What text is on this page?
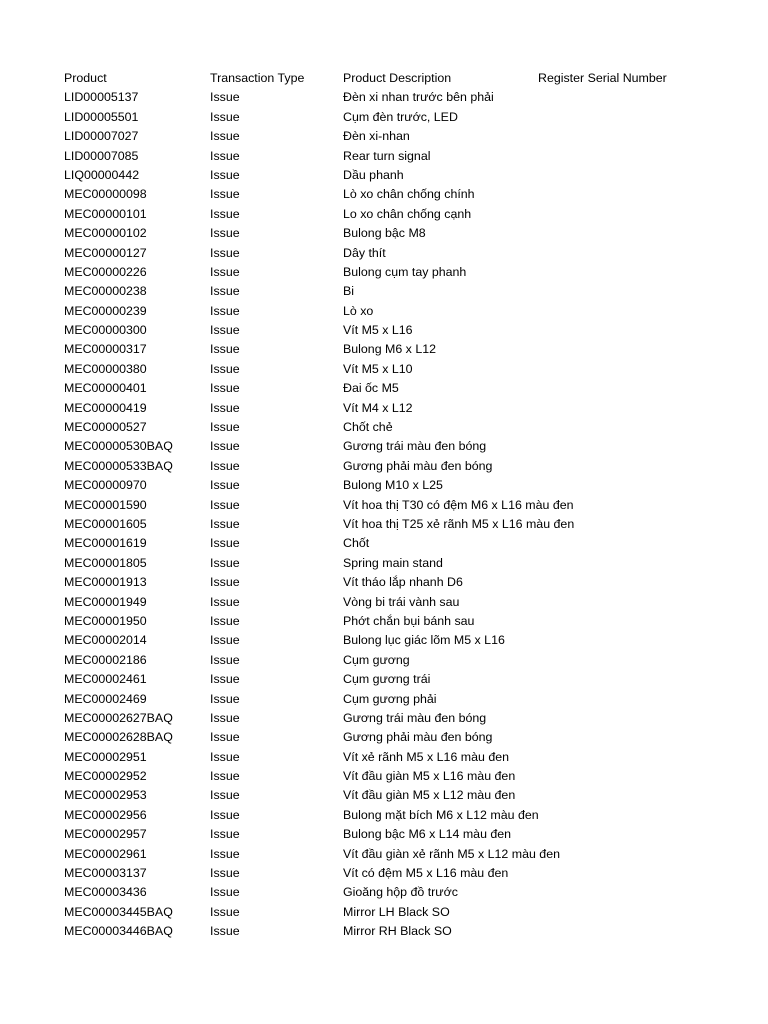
Product	Transaction Type	Product Description	Register Serial Number
LID00005137	Issue	Đèn xi nhan trước bên phải
LID00005501	Issue	Cụm đèn trước, LED
LID00007027	Issue	Đèn xi-nhan
LID00007085	Issue	Rear turn signal
LIQ00000442	Issue	Dầu phanh
MEC00000098	Issue	Lò xo chân chống chính
MEC00000101	Issue	Lo xo chân chống cạnh
MEC00000102	Issue	Bulong bậc M8
MEC00000127	Issue	Dây thít
MEC00000226	Issue	Bulong cụm tay phanh
MEC00000238	Issue	Bi
MEC00000239	Issue	Lò xo
MEC00000300	Issue	Vít M5 x L16
MEC00000317	Issue	Bulong M6 x L12
MEC00000380	Issue	Vít M5 x L10
MEC00000401	Issue	Đai ốc M5
MEC00000419	Issue	Vít M4 x L12
MEC00000527	Issue	Chốt chẻ
MEC00000530BAQ	Issue	Gương trái màu đen bóng
MEC00000533BAQ	Issue	Gương phải màu đen bóng
MEC00000970	Issue	Bulong M10 x L25
MEC00001590	Issue	Vít hoa thị T30 có đệm M6 x L16 màu đen
MEC00001605	Issue	Vít hoa thị T25 xẻ rãnh M5 x L16 màu đen
MEC00001619	Issue	Chốt
MEC00001805	Issue	Spring main stand
MEC00001913	Issue	Vít tháo lắp nhanh D6
MEC00001949	Issue	Vòng bi trái vành sau
MEC00001950	Issue	Phớt chắn bụi bánh sau
MEC00002014	Issue	Bulong lục giác lõm M5 x L16
MEC00002186	Issue	Cụm gương
MEC00002461	Issue	Cụm gương trái
MEC00002469	Issue	Cụm gương phải
MEC00002627BAQ	Issue	Gương trái màu đen bóng
MEC00002628BAQ	Issue	Gương phải màu đen bóng
MEC00002951	Issue	Vít xẻ rãnh M5 x L16 màu đen
MEC00002952	Issue	Vít đầu giàn M5 x L16 màu đen
MEC00002953	Issue	Vít đầu giàn M5 x L12 màu đen
MEC00002956	Issue	Bulong mặt bích M6 x L12 màu đen
MEC00002957	Issue	Bulong bậc M6 x L14 màu đen
MEC00002961	Issue	Vít đầu giàn xẻ rãnh M5 x L12 màu đen
MEC00003137	Issue	Vít có đệm M5 x L16 màu đen
MEC00003436	Issue	Gioăng hộp đồ trước
MEC00003445BAQ	Issue	Mirror LH Black SO
MEC00003446BAQ	Issue	Mirror RH Black SO
